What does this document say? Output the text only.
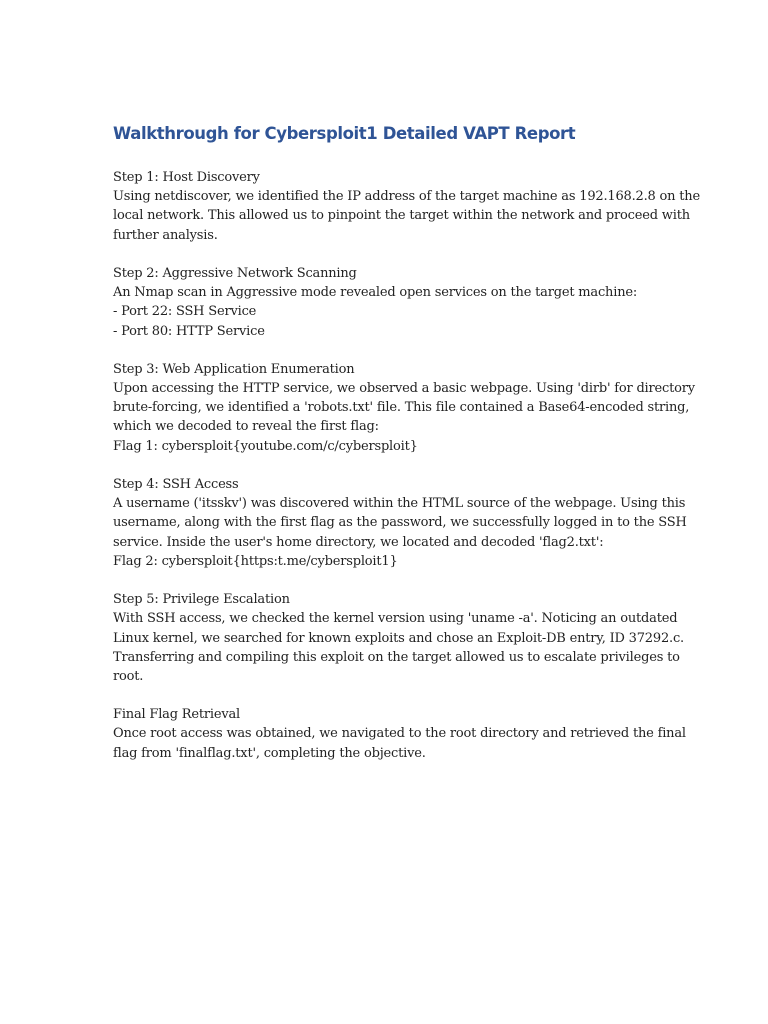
Walkthrough for Cybersploit1 Detailed VAPT Report
Step 1: Host Discovery
Using netdiscover, we identified the IP address of the target machine as 192.168.2.8 on the
local network. This allowed us to pinpoint the target within the network and proceed with
further analysis.
Step 2: Aggressive Network Scanning
An Nmap scan in Aggressive mode revealed open services on the target machine:
- Port 22: SSH Service
- Port 80: HTTP Service
Step 3: Web Application Enumeration
Upon accessing the HTTP service, we observed a basic webpage. Using 'dirb' for directory
brute-forcing, we identified a 'robots.txt' file. This file contained a Base64-encoded string,
which we decoded to reveal the first flag:
Flag 1: cybersploit{youtube.com/c/cybersploit}
Step 4: SSH Access
A username ('itsskv') was discovered within the HTML source of the webpage. Using this
username, along with the first flag as the password, we successfully logged in to the SSH
service. Inside the user's home directory, we located and decoded 'flag2.txt':
Flag 2: cybersploit{https:t.me/cybersploit1}
Step 5: Privilege Escalation
With SSH access, we checked the kernel version using 'uname -a'. Noticing an outdated
Linux kernel, we searched for known exploits and chose an Exploit-DB entry, ID 37292.c.
Transferring and compiling this exploit on the target allowed us to escalate privileges to
root.
Final Flag Retrieval
Once root access was obtained, we navigated to the root directory and retrieved the final
flag from 'finalflag.txt', completing the objective.
